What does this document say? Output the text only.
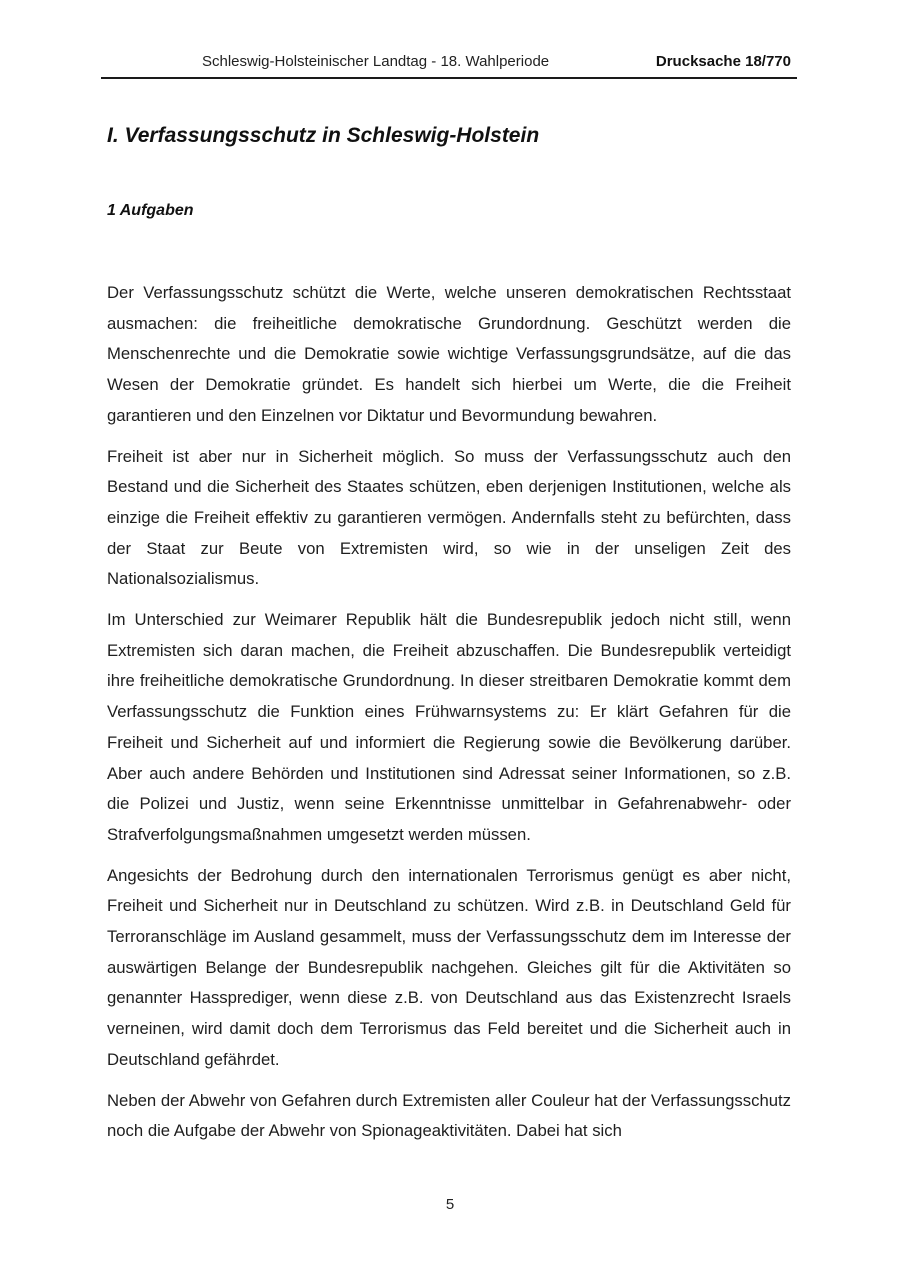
Schleswig-Holsteinischer Landtag - 18. Wahlperiode	Drucksache 18/770
I. Verfassungsschutz in Schleswig-Holstein
1 Aufgaben

Der Verfassungsschutz schützt die Werte, welche unseren demokratischen Rechtsstaat ausmachen: die freiheitliche demokratische Grundordnung. Geschützt werden die Menschenrechte und die Demokratie sowie wichtige Verfassungsgrundsätze, auf die das Wesen der Demokratie gründet. Es handelt sich hierbei um Werte, die die Freiheit garantieren und den Einzelnen vor Diktatur und Bevormundung bewahren.

Freiheit ist aber nur in Sicherheit möglich. So muss der Verfassungsschutz auch den Bestand und die Sicherheit des Staates schützen, eben derjenigen Institutionen, welche als einzige die Freiheit effektiv zu garantieren vermögen. Andernfalls steht zu befürchten, dass der Staat zur Beute von Extremisten wird, so wie in der unseligen Zeit des Nationalsozialismus.

Im Unterschied zur Weimarer Republik hält die Bundesrepublik jedoch nicht still, wenn Extremisten sich daran machen, die Freiheit abzuschaffen. Die Bundesrepublik verteidigt ihre freiheitliche demokratische Grundordnung. In dieser streitbaren Demokratie kommt dem Verfassungsschutz die Funktion eines Frühwarnsystems zu: Er klärt Gefahren für die Freiheit und Sicherheit auf und informiert die Regierung sowie die Bevölkerung darüber. Aber auch andere Behörden und Institutionen sind Adressat seiner Informationen, so z.B. die Polizei und Justiz, wenn seine Erkenntnisse unmittelbar in Gefahrenabwehr- oder Strafverfolgungsmaßnahmen umgesetzt werden müssen.

Angesichts der Bedrohung durch den internationalen Terrorismus genügt es aber nicht, Freiheit und Sicherheit nur in Deutschland zu schützen. Wird z.B. in Deutschland Geld für Terroranschläge im Ausland gesammelt, muss der Verfassungsschutz dem im Interesse der auswärtigen Belange der Bundesrepublik nachgehen. Gleiches gilt für die Aktivitäten so genannter Hassprediger, wenn diese z.B. von Deutschland aus das Existenzrecht Israels verneinen, wird damit doch dem Terrorismus das Feld bereitet und die Sicherheit auch in Deutschland gefährdet.

Neben der Abwehr von Gefahren durch Extremisten aller Couleur hat der Verfassungsschutz noch die Aufgabe der Abwehr von Spionageaktivitäten. Dabei hat sich

5
